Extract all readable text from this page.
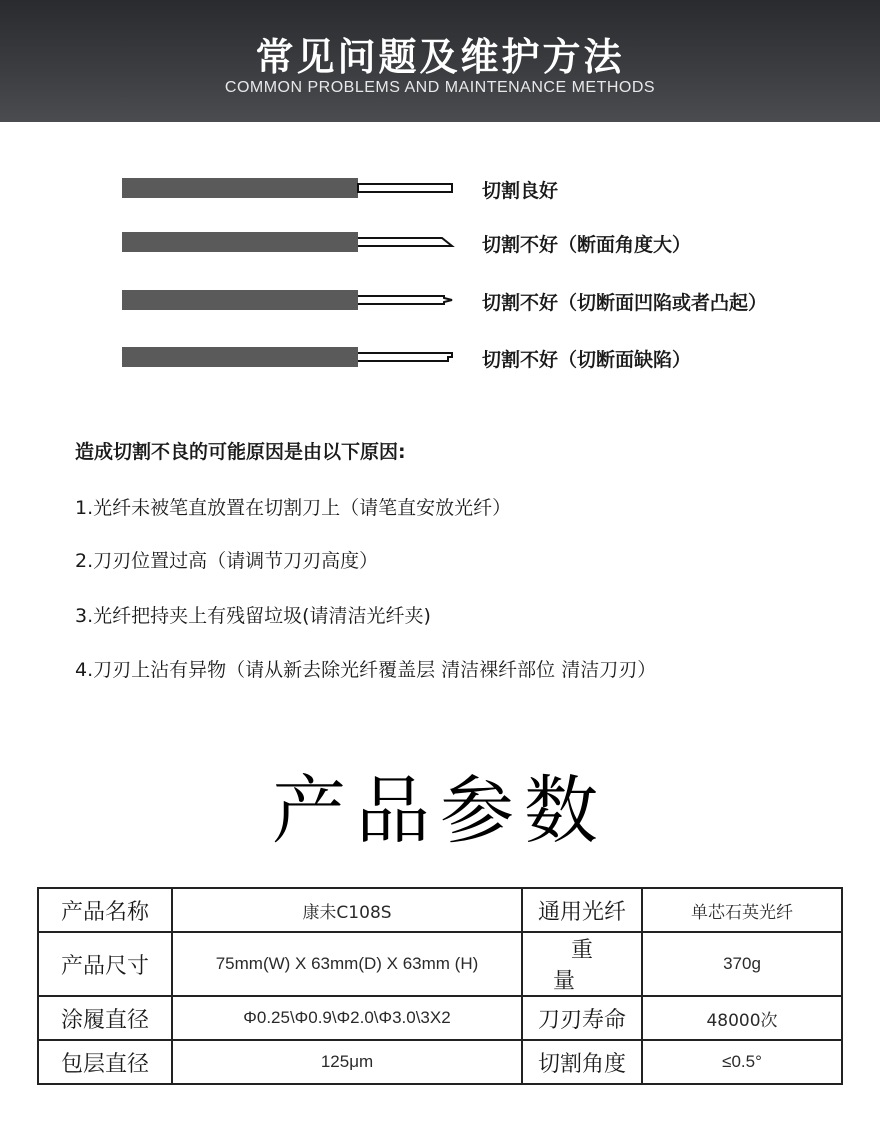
常见问题及维护方法
COMMON PROBLEMS AND MAINTENANCE METHODS
切割良好
切割不好（断面角度大）
切割不好（切断面凹陷或者凸起）
切割不好（切断面缺陷）
造成切割不良的可能原因是由以下原因:
1.光纤未被笔直放置在切割刀上（请笔直安放光纤）
2.刀刃位置过高（请调节刀刃高度）
3.光纤把持夹上有残留垃圾(请清洁光纤夹)
4.刀刃上沾有异物（请从新去除光纤覆盖层 清洁裸纤部位 清洁刀刃）
产品参数
产品名称	康未C108S	通用光纤	单芯石英光纤
产品尺寸	75mm(W) X 63mm(D) X 63mm (H)	重量	370g
涂履直径	Φ0.25\Φ0.9\Φ2.0\Φ3.0\3X2	刀刃寿命	48000次
包层直径	125μm	切割角度	≤0.5°
